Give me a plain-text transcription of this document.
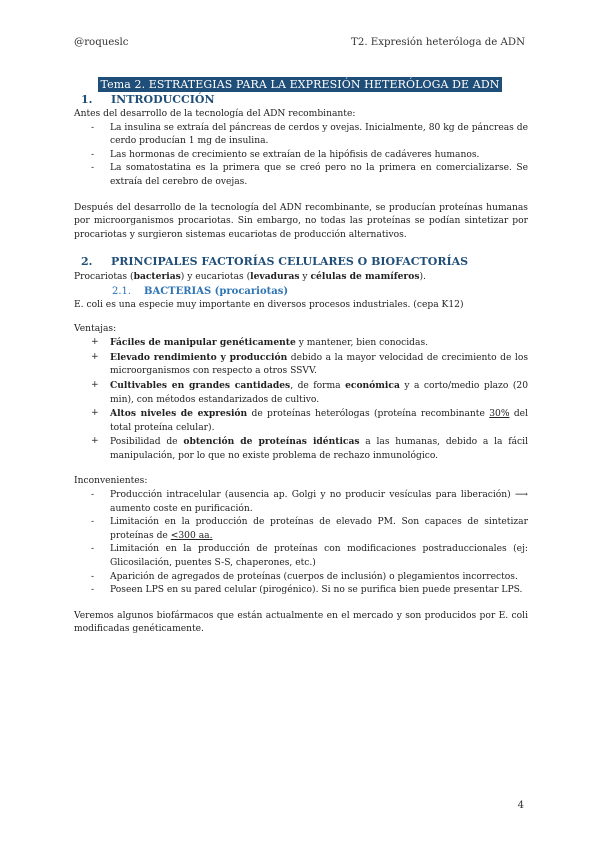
@roqueslc	T2. Expresión heteróloga de ADN
Tema 2. ESTRATEGIAS PARA LA EXPRESIÓN HETERÓLOGA DE ADN
1. INTRODUCCIÓN

Antes del desarrollo de la tecnología del ADN recombinante:

- La insulina se extraía del páncreas de cerdos y ovejas. Inicialmente, 80 kg de páncreas de cerdo producían 1 mg de insulina.
- Las hormonas de crecimiento se extraían de la hipófisis de cadáveres humanos.
- La somatostatina es la primera que se creó pero no la primera en comercializarse. Se extraía del cerebro de ovejas.

Después del desarrollo de la tecnología del ADN recombinante, se producían proteínas humanas por microorganismos procariotas. Sin embargo, no todas las proteínas se podían sintetizar por procariotas y surgieron sistemas eucariotas de producción alternativos.

2. PRINCIPALES FACTORÍAS CELULARES O BIOFACTORÍAS

Procariotas (bacterias) y eucariotas (levaduras y células de mamíferos).

2.1. BACTERIAS (procariotas)

E. coli es una especie muy importante en diversos procesos industriales. (cepa K12)

Ventajas:

+ Fáciles de manipular genéticamente y mantener, bien conocidas.
+ Elevado rendimiento y producción debido a la mayor velocidad de crecimiento de los microorganismos con respecto a otros SSVV.
+ Cultivables en grandes cantidades, de forma económica y a corto/medio plazo (20 min), con métodos estandarizados de cultivo.
+ Altos niveles de expresión de proteínas heterólogas (proteína recombinante 30% del total proteína celular).
+ Posibilidad de obtención de proteínas idénticas a las humanas, debido a la fácil manipulación, por lo que no existe problema de rechazo inmunológico.

Inconvenientes:

- Producción intracelular (ausencia ap. Golgi y no producir vesículas para liberación) ⟶ aumento coste en purificación.
- Limitación en la producción de proteínas de elevado PM. Son capaces de sintetizar proteínas de <300 aa.
- Limitación en la producción de proteínas con modificaciones postraduccionales (ej: Glicosilación, puentes S-S, chaperones, etc.)
- Aparición de agregados de proteínas (cuerpos de inclusión) o plegamientos incorrectos.
- Poseen LPS en su pared celular (pirogénico). Si no se purifica bien puede presentar LPS.

Veremos algunos biofármacos que están actualmente en el mercado y son producidos por E. coli modificadas genéticamente.

4
